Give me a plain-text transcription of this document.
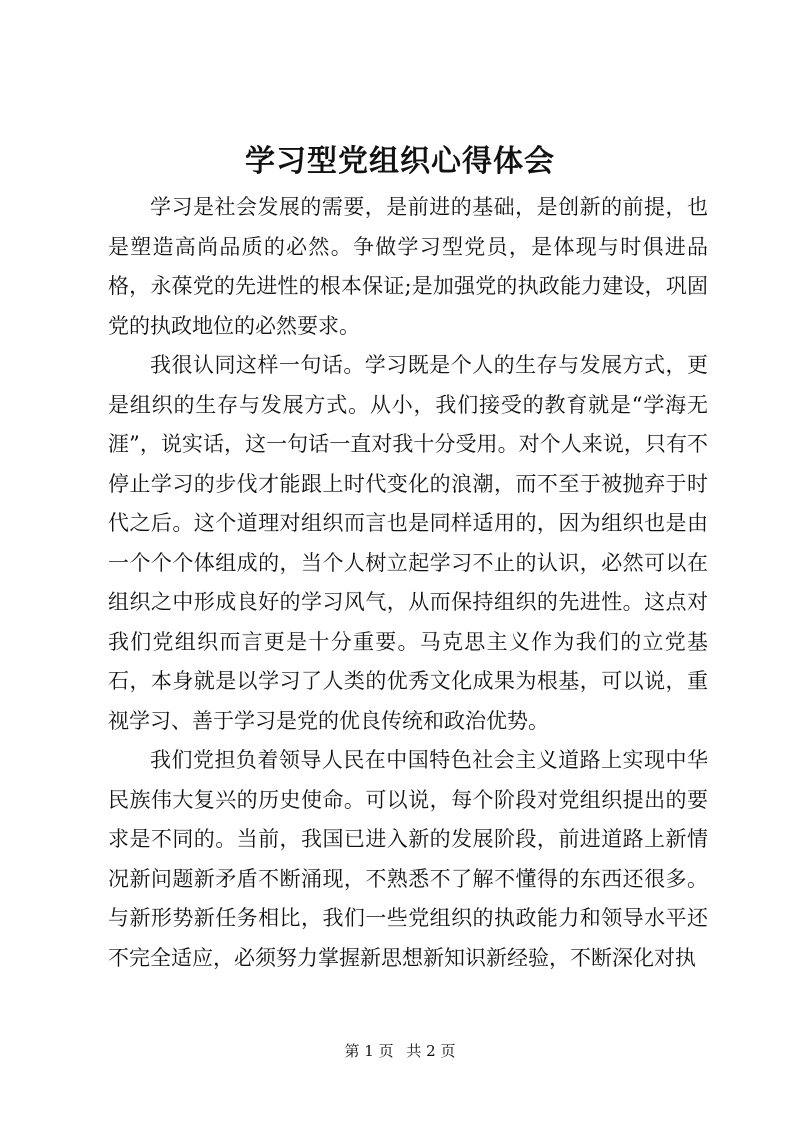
学习型党组织心得体会

学习是社会发展的需要，是前进的基础，是创新的前提，也是塑造高尚品质的必然。争做学习型党员，是体现与时俱进品格，永葆党的先进性的根本保证;是加强党的执政能力建设，巩固党的执政地位的必然要求。

我很认同这样一句话。学习既是个人的生存与发展方式，更是组织的生存与发展方式。从小，我们接受的教育就是“学海无涯”，说实话，这一句话一直对我十分受用。对个人来说，只有不停止学习的步伐才能跟上时代变化的浪潮，而不至于被抛弃于时代之后。这个道理对组织而言也是同样适用的，因为组织也是由一个个个体组成的，当个人树立起学习不止的认识，必然可以在组织之中形成良好的学习风气，从而保持组织的先进性。这点对我们党组织而言更是十分重要。马克思主义作为我们的立党基石，本身就是以学习了人类的优秀文化成果为根基，可以说，重视学习、善于学习是党的优良传统和政治优势。

我们党担负着领导人民在中国特色社会主义道路上实现中华民族伟大复兴的历史使命。可以说，每个阶段对党组织提出的要求是不同的。当前，我国已进入新的发展阶段，前进道路上新情况新问题新矛盾不断涌现，不熟悉不了解不懂得的东西还很多。与新形势新任务相比，我们一些党组织的执政能力和领导水平还不完全适应，必须努力掌握新思想新知识新经验，不断深化对执

第 1 页 共 2 页
